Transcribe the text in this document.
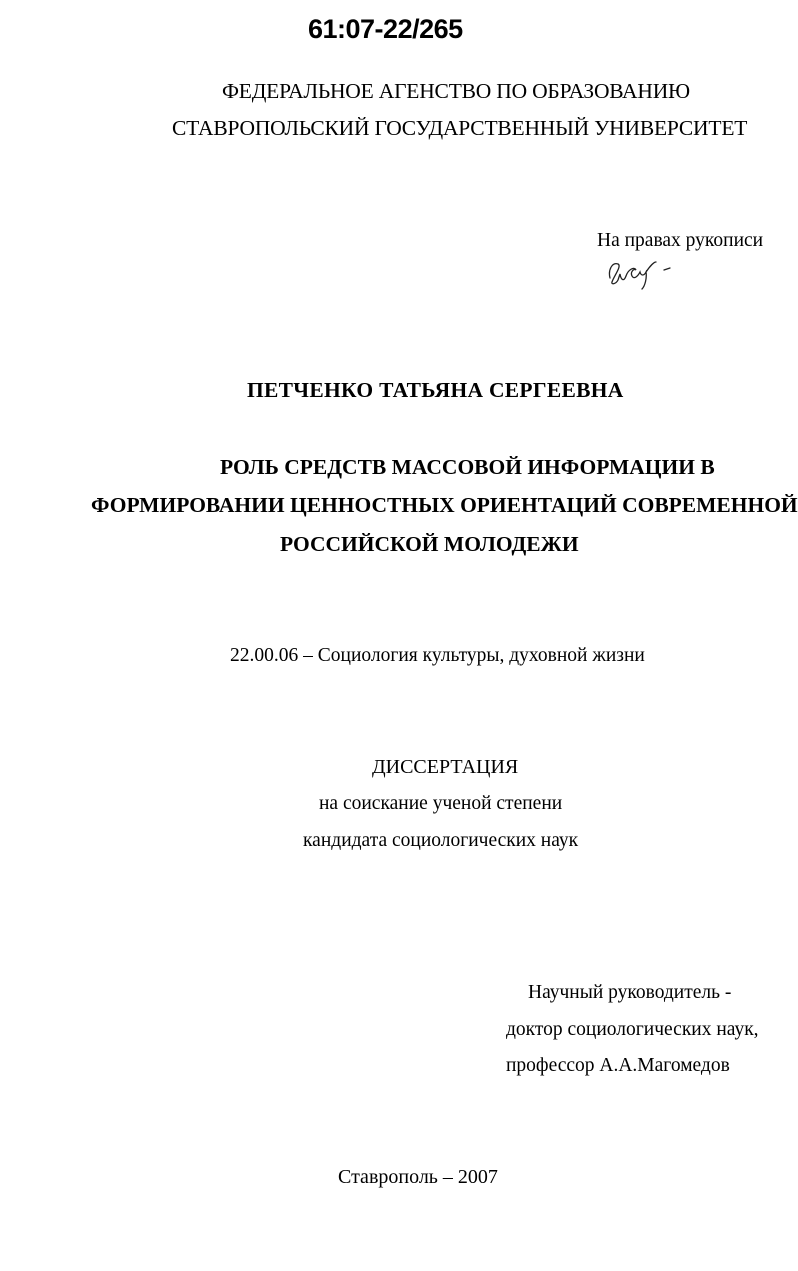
61:07-22/265
ФЕДЕРАЛЬНОЕ АГЕНСТВО ПО ОБРАЗОВАНИЮ
СТАВРОПОЛЬСКИЙ ГОСУДАРСТВЕННЫЙ УНИВЕРСИТЕТ
На правах рукописи
ПЕТЧЕНКО ТАТЬЯНА СЕРГЕЕВНА
РОЛЬ СРЕДСТВ МАССОВОЙ ИНФОРМАЦИИ В
ФОРМИРОВАНИИ ЦЕННОСТНЫХ ОРИЕНТАЦИЙ СОВРЕМЕННОЙ
РОССИЙСКОЙ МОЛОДЕЖИ
22.00.06 – Социология культуры, духовной жизни
ДИССЕРТАЦИЯ
на соискание ученой степени
кандидата социологических наук
Научный руководитель -
доктор социологических наук,
профессор А.А.Магомедов
Ставрополь – 2007
